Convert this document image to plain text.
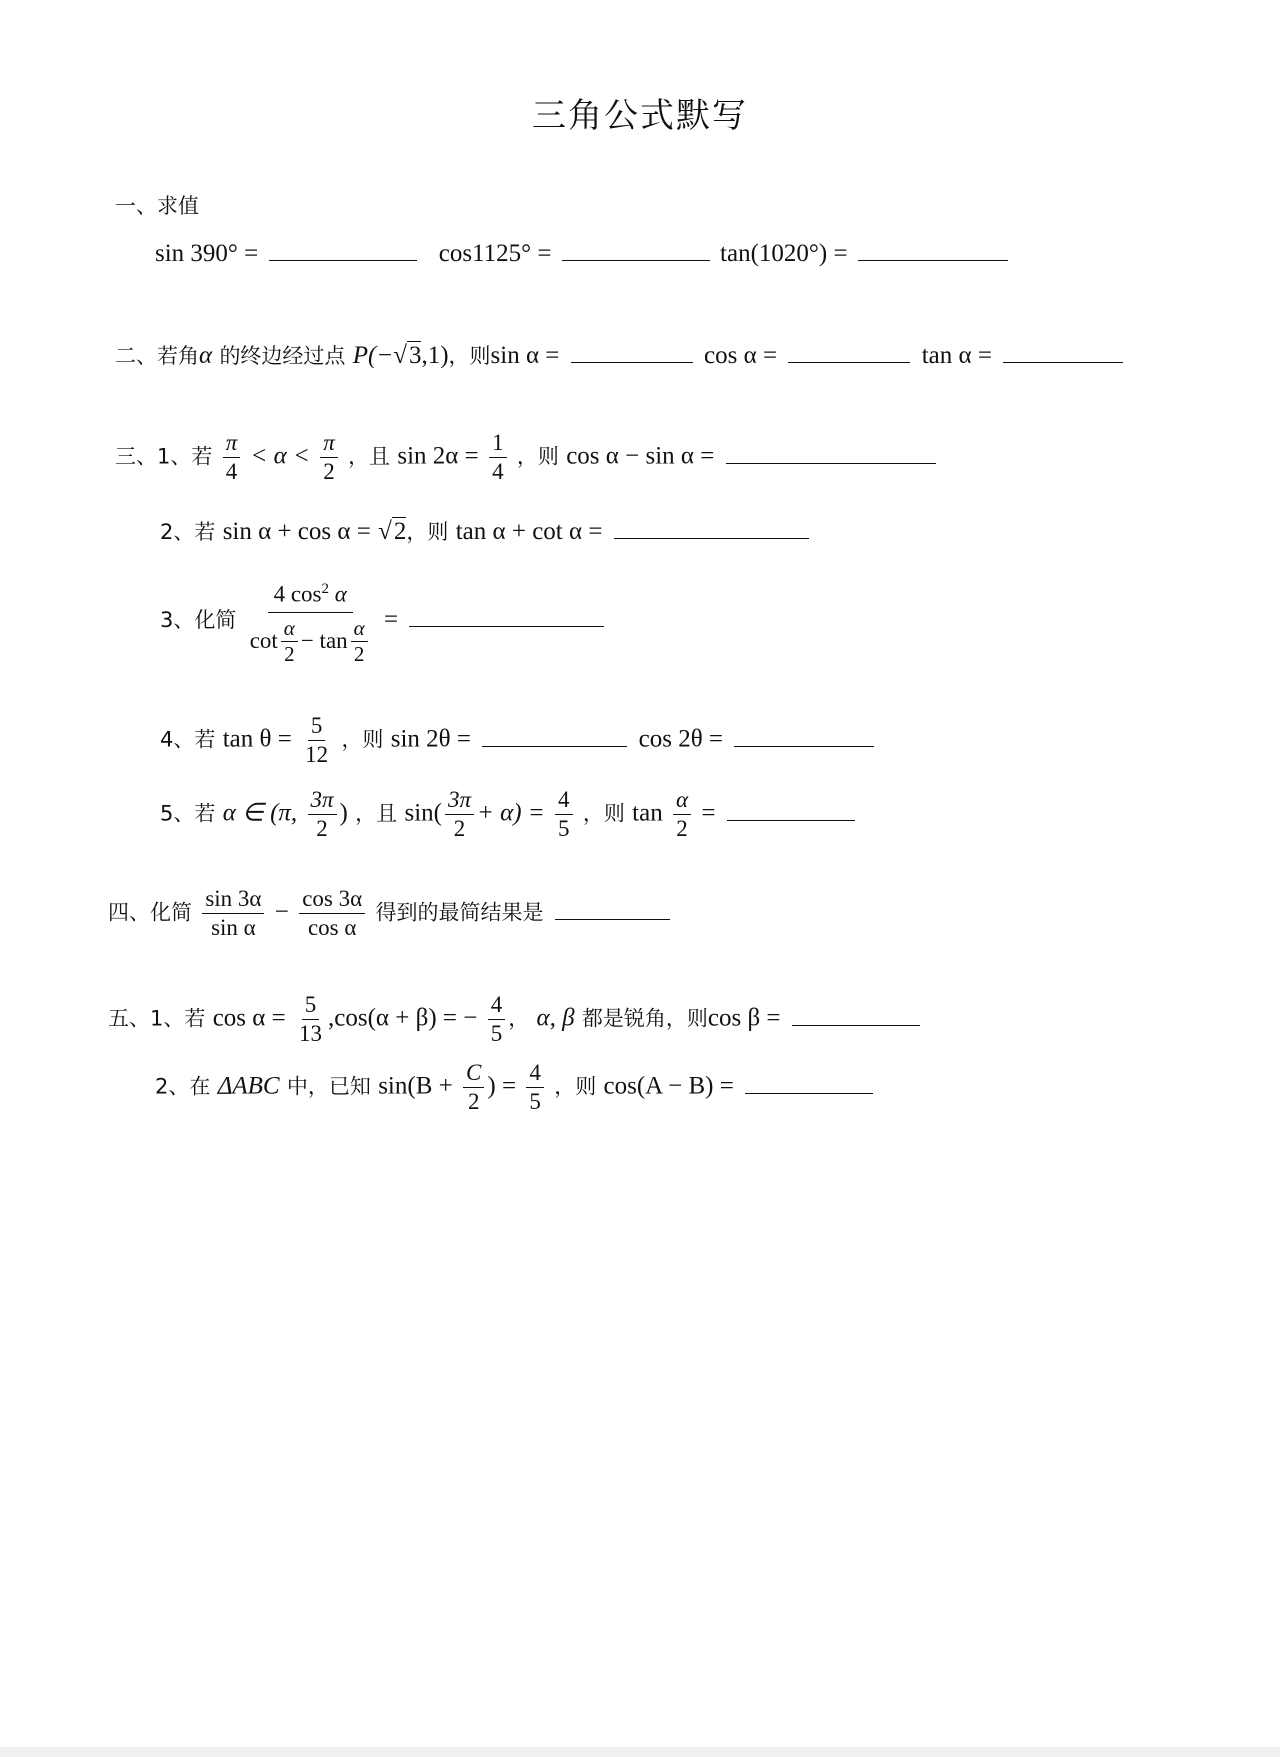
三角公式默写
一、求值
sin 390° =	cos1125° =	tan(1020°) =
二、若角α 的终边经过点 P(−√3,1)，则sin α =	cos α =	tan α =
三、1、若 $\frac{\pi}{4} < \alpha < \frac{\pi}{2}$ ，且 $\sin 2\alpha = \frac{1}{4}$ ，则 cos α − sin α =
2、若 sin α + cos α = √2，则 tan α + cot α =
3、化简 $\frac{4 \cos^2 \alpha}{\cot \frac{\alpha}{2} - \tan \frac{\alpha}{2}}$ =
4、若 $\tan \theta = \frac{5}{12}$ ，则 sin 2θ =	cos 2θ =
5、若 α ∈ (π, $\frac{3\pi}{2}$ ) ，且 $\sin( \frac{3\pi}{2} + \alpha) = \frac{4}{5}$ ，则 $\tan \frac{\alpha}{2}$ =
四、化简 $\frac{\sin 3\alpha}{\text{sin α}} - \frac{\cos 3\alpha}{\text{cos α}}$ 得到的最简结果是
五、1、若 $\cos \alpha = \frac{5}{13} ,\cos(\alpha + \beta)$ = − $\frac{4}{5}$ ， α, β 都是锐角，则cos β =
2、在 ΔABC 中，已知 $\sin(B + \frac{C}{2}$ ) = $\frac{4}{5}$ ，则 cos(A − B) =
